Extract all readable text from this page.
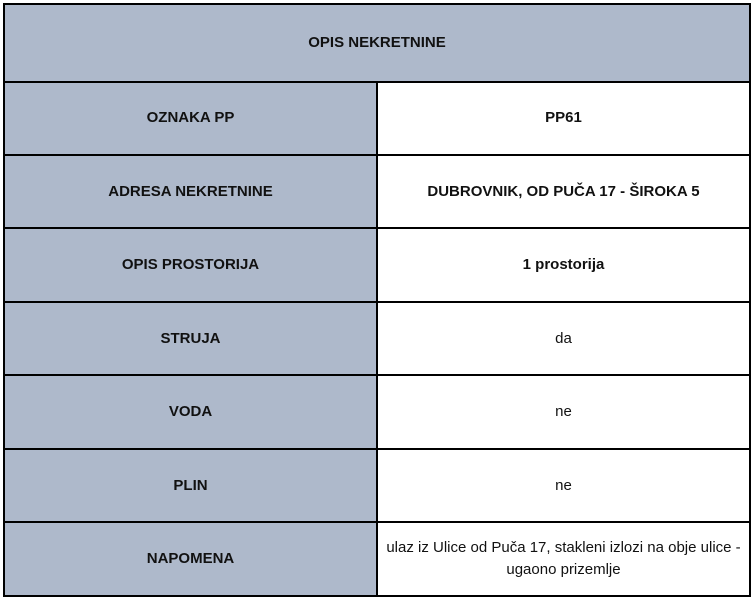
OPIS NEKRETNINE	
OZNAKA PP	PP61
ADRESA NEKRETNINE	DUBROVNIK, OD PUČA 17 - ŠIROKA 5
OPIS PROSTORIJA	1 prostorija
STRUJA	da
VODA	ne
PLIN	ne
NAPOMENA	ulaz iz Ulice od Puča 17, stakleni izlozi na obje ulice - ugaono prizemlje
